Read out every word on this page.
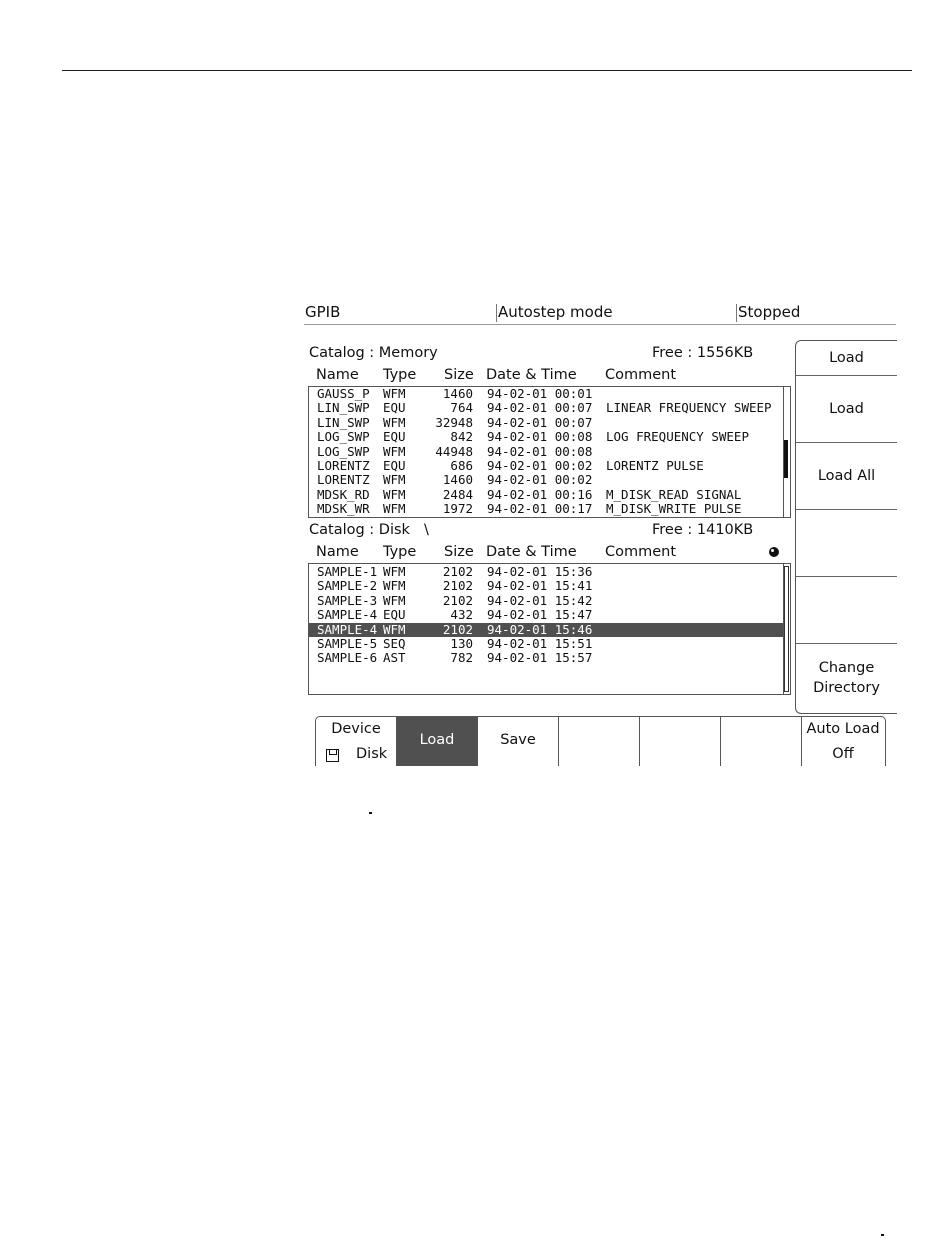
GPIB	Autostep mode	Stopped
Catalog : Memory	Free : 1556KB
Name Type Size Date & Time Comment
GAUSS_P WFM	1460 94-02-01 00:01
LIN_SWP EQU	764 94-02-01 00:07 LINEAR FREQUENCY SWEEP
LIN_SWP WFM 32948 94-02-01 00:07
LOG_SWP EQU	842 94-02-01 00:08 LOG FREQUENCY SWEEP
LOG_SWP WFM 44948 94-02-01 00:08
LORENTZ EQU	686 94-02-01 00:02 LORENTZ PULSE
LORENTZ WFM	1460 94-02-01 00:02
MDSK_RD WFM	2484 94-02-01 00:16 M_DISK_READ SIGNAL
MDSK_WR WFM	1972 94-02-01 00:17 M_DISK_WRITE PULSE
Catalog : Disk \	Free : 1410KB
Name Type Size Date & Time Comment
SAMPLE-1 WFM	2102 94-02-01 15:36
SAMPLE-2 WFM	2102 94-02-01 15:41
SAMPLE-3 WFM	2102 94-02-01 15:42
SAMPLE-4 EQU	432 94-02-01 15:47
SAMPLE-4 WFM	2102 94-02-01 15:46
SAMPLE-5 SEQ	130 94-02-01 15:51
SAMPLE-6 AST	782 94-02-01 15:57
Load
Load
Load All
Change Directory
Device
Disk
Load	Save
Auto Load
Off
